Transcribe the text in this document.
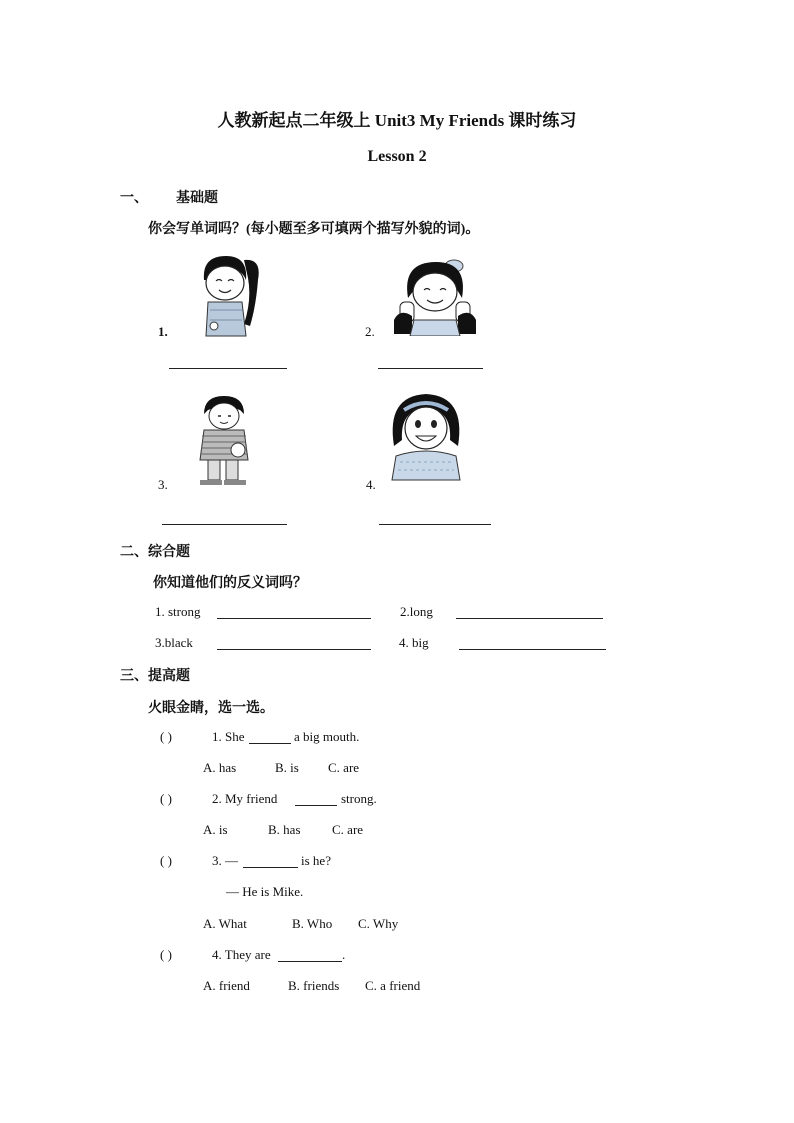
人教新起点二年级上 Unit3 My Friends 课时练习
Lesson 2
一、 基础题
你会写单词吗？(每小题至多可填两个描写外貌的词)。
1.	2.
3.	4.
二、综合题
你知道他们的反义词吗？
1. strong	2.long
3.black	4. big
三、提高题
火眼金睛，选一选。
( )	1. She	a big mouth.
A. has	B. is C. are
( )	2. My friend	strong.
A. is	B. has C. are
( )	3. —	is he?
— He is Mike.
A. What	B. Who C. Why
( )	4. They are	.
A. friend	B. friends C. a friend
